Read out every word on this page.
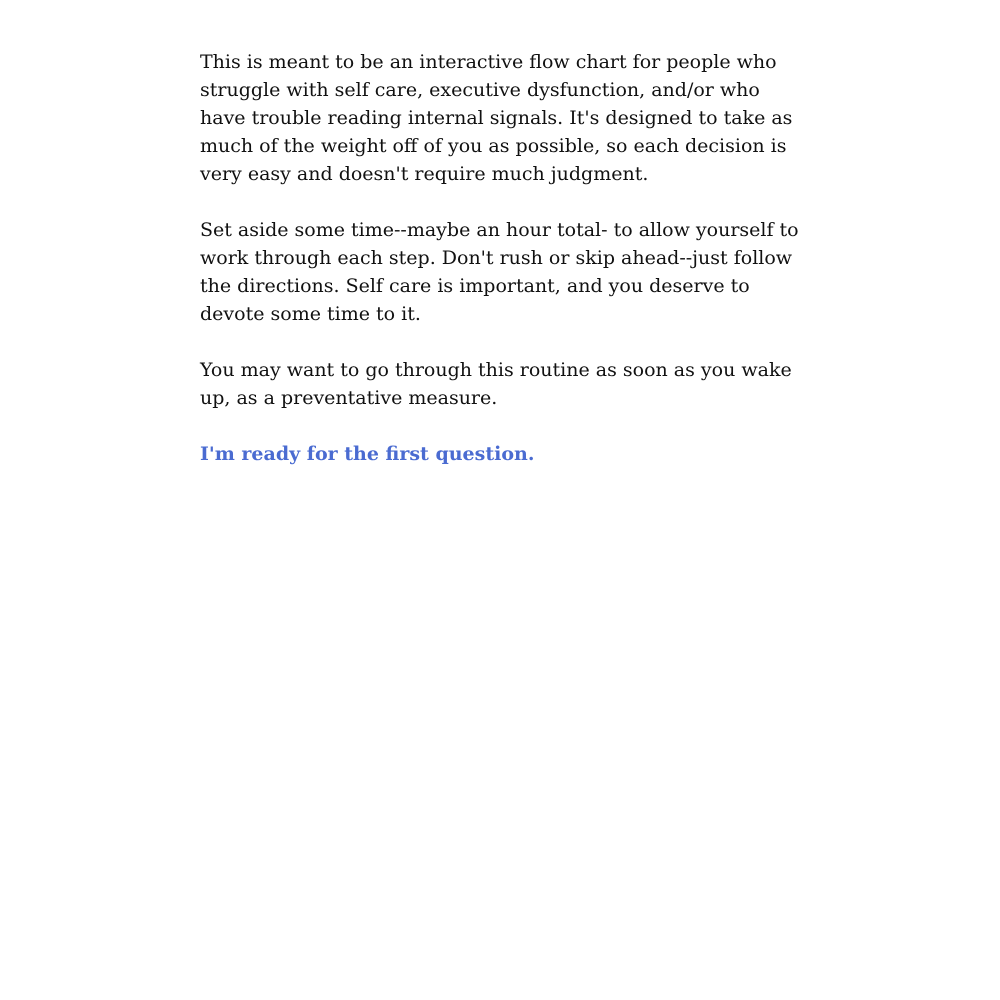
This is meant to be an interactive flow chart for people who struggle with self care, executive dysfunction, and/or who have trouble reading internal signals. It's designed to take as much of the weight off of you as possible, so each decision is very easy and doesn't require much judgment.

Set aside some time--maybe an hour total- to allow yourself to work through each step. Don't rush or skip ahead--just follow the directions. Self care is important, and you deserve to devote some time to it.

You may want to go through this routine as soon as you wake up, as a preventative measure.

I'm ready for the first question.
